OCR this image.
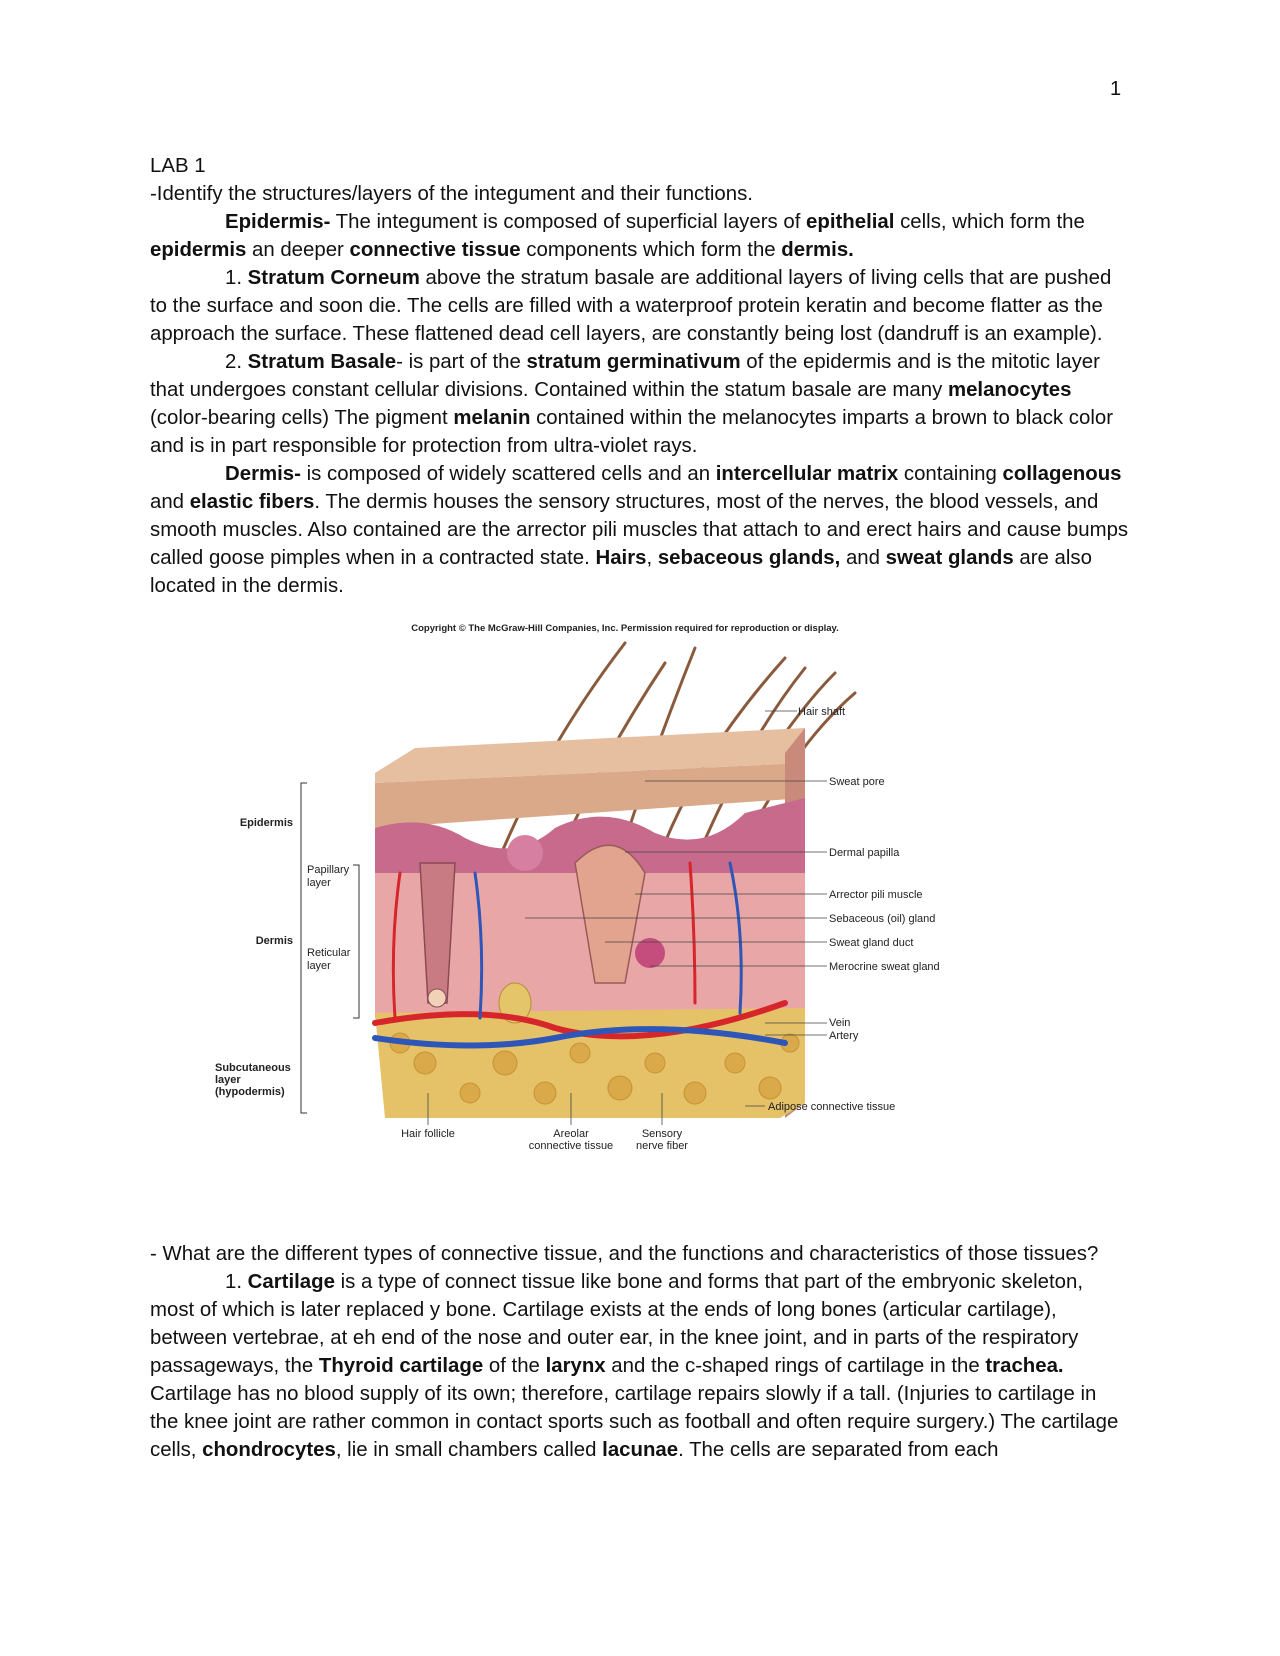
1

LAB 1

-Identify the structures/layers of the integument and their functions.

Epidermis- The integument is composed of superficial layers of epithelial cells, which form the epidermis an deeper connective tissue components which form the dermis.

1. Stratum Corneum above the stratum basale are additional layers of living cells that are pushed to the surface and soon die. The cells are filled with a waterproof protein keratin and become flatter as the approach the surface. These flattened dead cell layers, are constantly being lost (dandruff is an example).

2. Stratum Basale- is part of the stratum germinativum of the epidermis and is the mitotic layer that undergoes constant cellular divisions. Contained within the statum basale are many melanocytes (color-bearing cells) The pigment melanin contained within the melanocytes imparts a brown to black color and is in part responsible for protection from ultra-violet rays.

Dermis- is composed of widely scattered cells and an intercellular matrix containing collagenous and elastic fibers. The dermis houses the sensory structures, most of the nerves, the blood vessels, and smooth muscles. Also contained are the arrector pili muscles that attach to and erect hairs and cause bumps called goose pimples when in a contracted state. Hairs, sebaceous glands, and sweat glands are also located in the dermis.

Copyright © The McGraw-Hill Companies, Inc. Permission required for reproduction or display.
Epidermis
Dermis
Papillary
layer
Reticular
layer
Subcutaneous
layer
(hypodermis)
Hair shaft
Sweat pore
Dermal papilla
Arrector pili muscle
Sebaceous (oil) gland
Sweat gland duct
Merocrine sweat gland
Vein
Artery
Adipose connective tissue
Hair follicle	Areolar
connective tissue
Sensory
nerve fiber

- What are the different types of connective tissue, and the functions and characteristics of those tissues?

1. Cartilage is a type of connect tissue like bone and forms that part of the embryonic skeleton, most of which is later replaced y bone. Cartilage exists at the ends of long bones (articular cartilage), between vertebrae, at eh end of the nose and outer ear, in the knee joint, and in parts of the respiratory passageways, the Thyroid cartilage of the larynx and the c-shaped rings of cartilage in the trachea. Cartilage has no blood supply of its own; therefore, cartilage repairs slowly if a tall. (Injuries to cartilage in the knee joint are rather common in contact sports such as football and often require surgery.) The cartilage cells, chondrocytes, lie in small chambers called lacunae. The cells are separated from each
